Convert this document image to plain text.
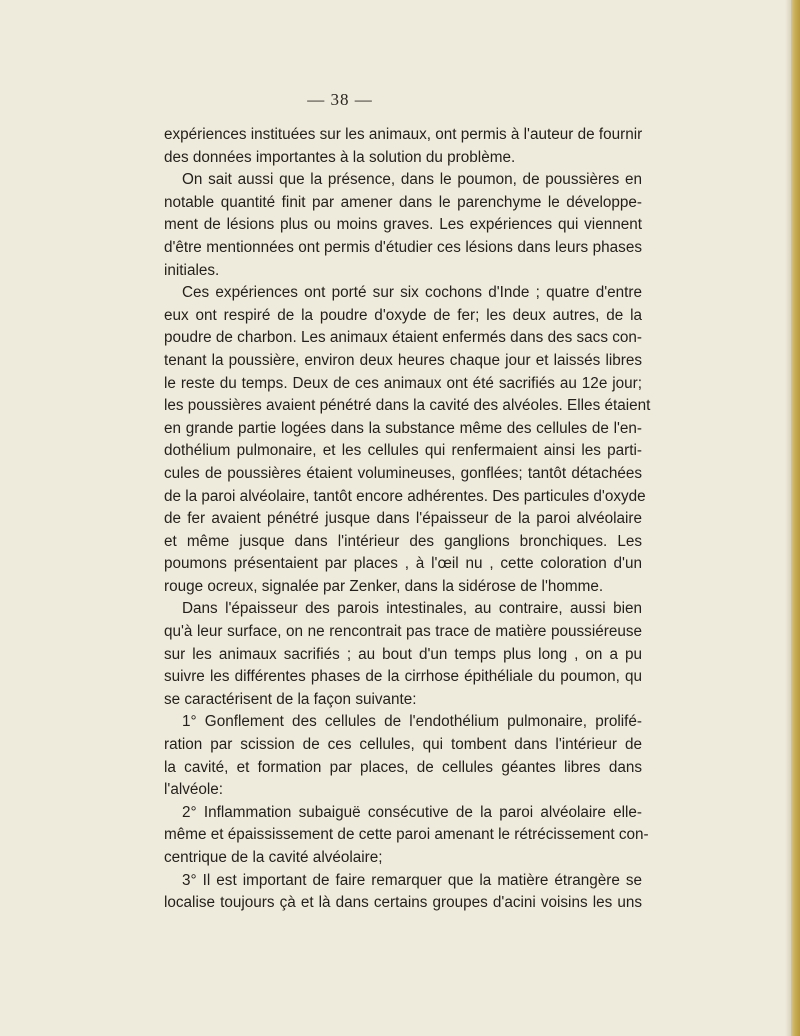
— 38 —
expériences instituées sur les animaux, ont permis à l'auteur de fournir
des données importantes à la solution du problème.
On sait aussi que la présence, dans le poumon, de poussières en
notable quantité finit par amener dans le parenchyme le développe-
ment de lésions plus ou moins graves. Les expériences qui viennent
d'être mentionnées ont permis d'étudier ces lésions dans leurs phases
initiales.
Ces expériences ont porté sur six cochons d'Inde ; quatre d'entre
eux ont respiré de la poudre d'oxyde de fer; les deux autres, de la
poudre de charbon. Les animaux étaient enfermés dans des sacs con-
tenant la poussière, environ deux heures chaque jour et laissés libres
le reste du temps. Deux de ces animaux ont été sacrifiés au 12e jour;
les poussières avaient pénétré dans la cavité des alvéoles. Elles étaient
en grande partie logées dans la substance même des cellules de l'en-
dothélium pulmonaire, et les cellules qui renfermaient ainsi les parti-
cules de poussières étaient volumineuses, gonflées; tantôt détachées
de la paroi alvéolaire, tantôt encore adhérentes. Des particules d'oxyde
de fer avaient pénétré jusque dans l'épaisseur de la paroi alvéolaire
et même jusque dans l'intérieur des ganglions bronchiques. Les
poumons présentaient par places , à l'œil nu , cette coloration d'un
rouge ocreux, signalée par Zenker, dans la sidérose de l'homme.
Dans l'épaisseur des parois intestinales, au contraire, aussi bien
qu'à leur surface, on ne rencontrait pas trace de matière poussiéreuse
sur les animaux sacrifiés ; au bout d'un temps plus long , on a pu
suivre les différentes phases de la cirrhose épithéliale du poumon, qu
se caractérisent de la façon suivante:
1° Gonflement des cellules de l'endothélium pulmonaire, prolifé-
ration par scission de ces cellules, qui tombent dans l'intérieur de
la cavité, et formation par places, de cellules géantes libres dans
l'alvéole:
2° Inflammation subaiguë consécutive de la paroi alvéolaire elle-
même et épaississement de cette paroi amenant le rétrécissement con-
centrique de la cavité alvéolaire;
3° Il est important de faire remarquer que la matière étrangère se
localise toujours çà et là dans certains groupes d'acini voisins les uns
